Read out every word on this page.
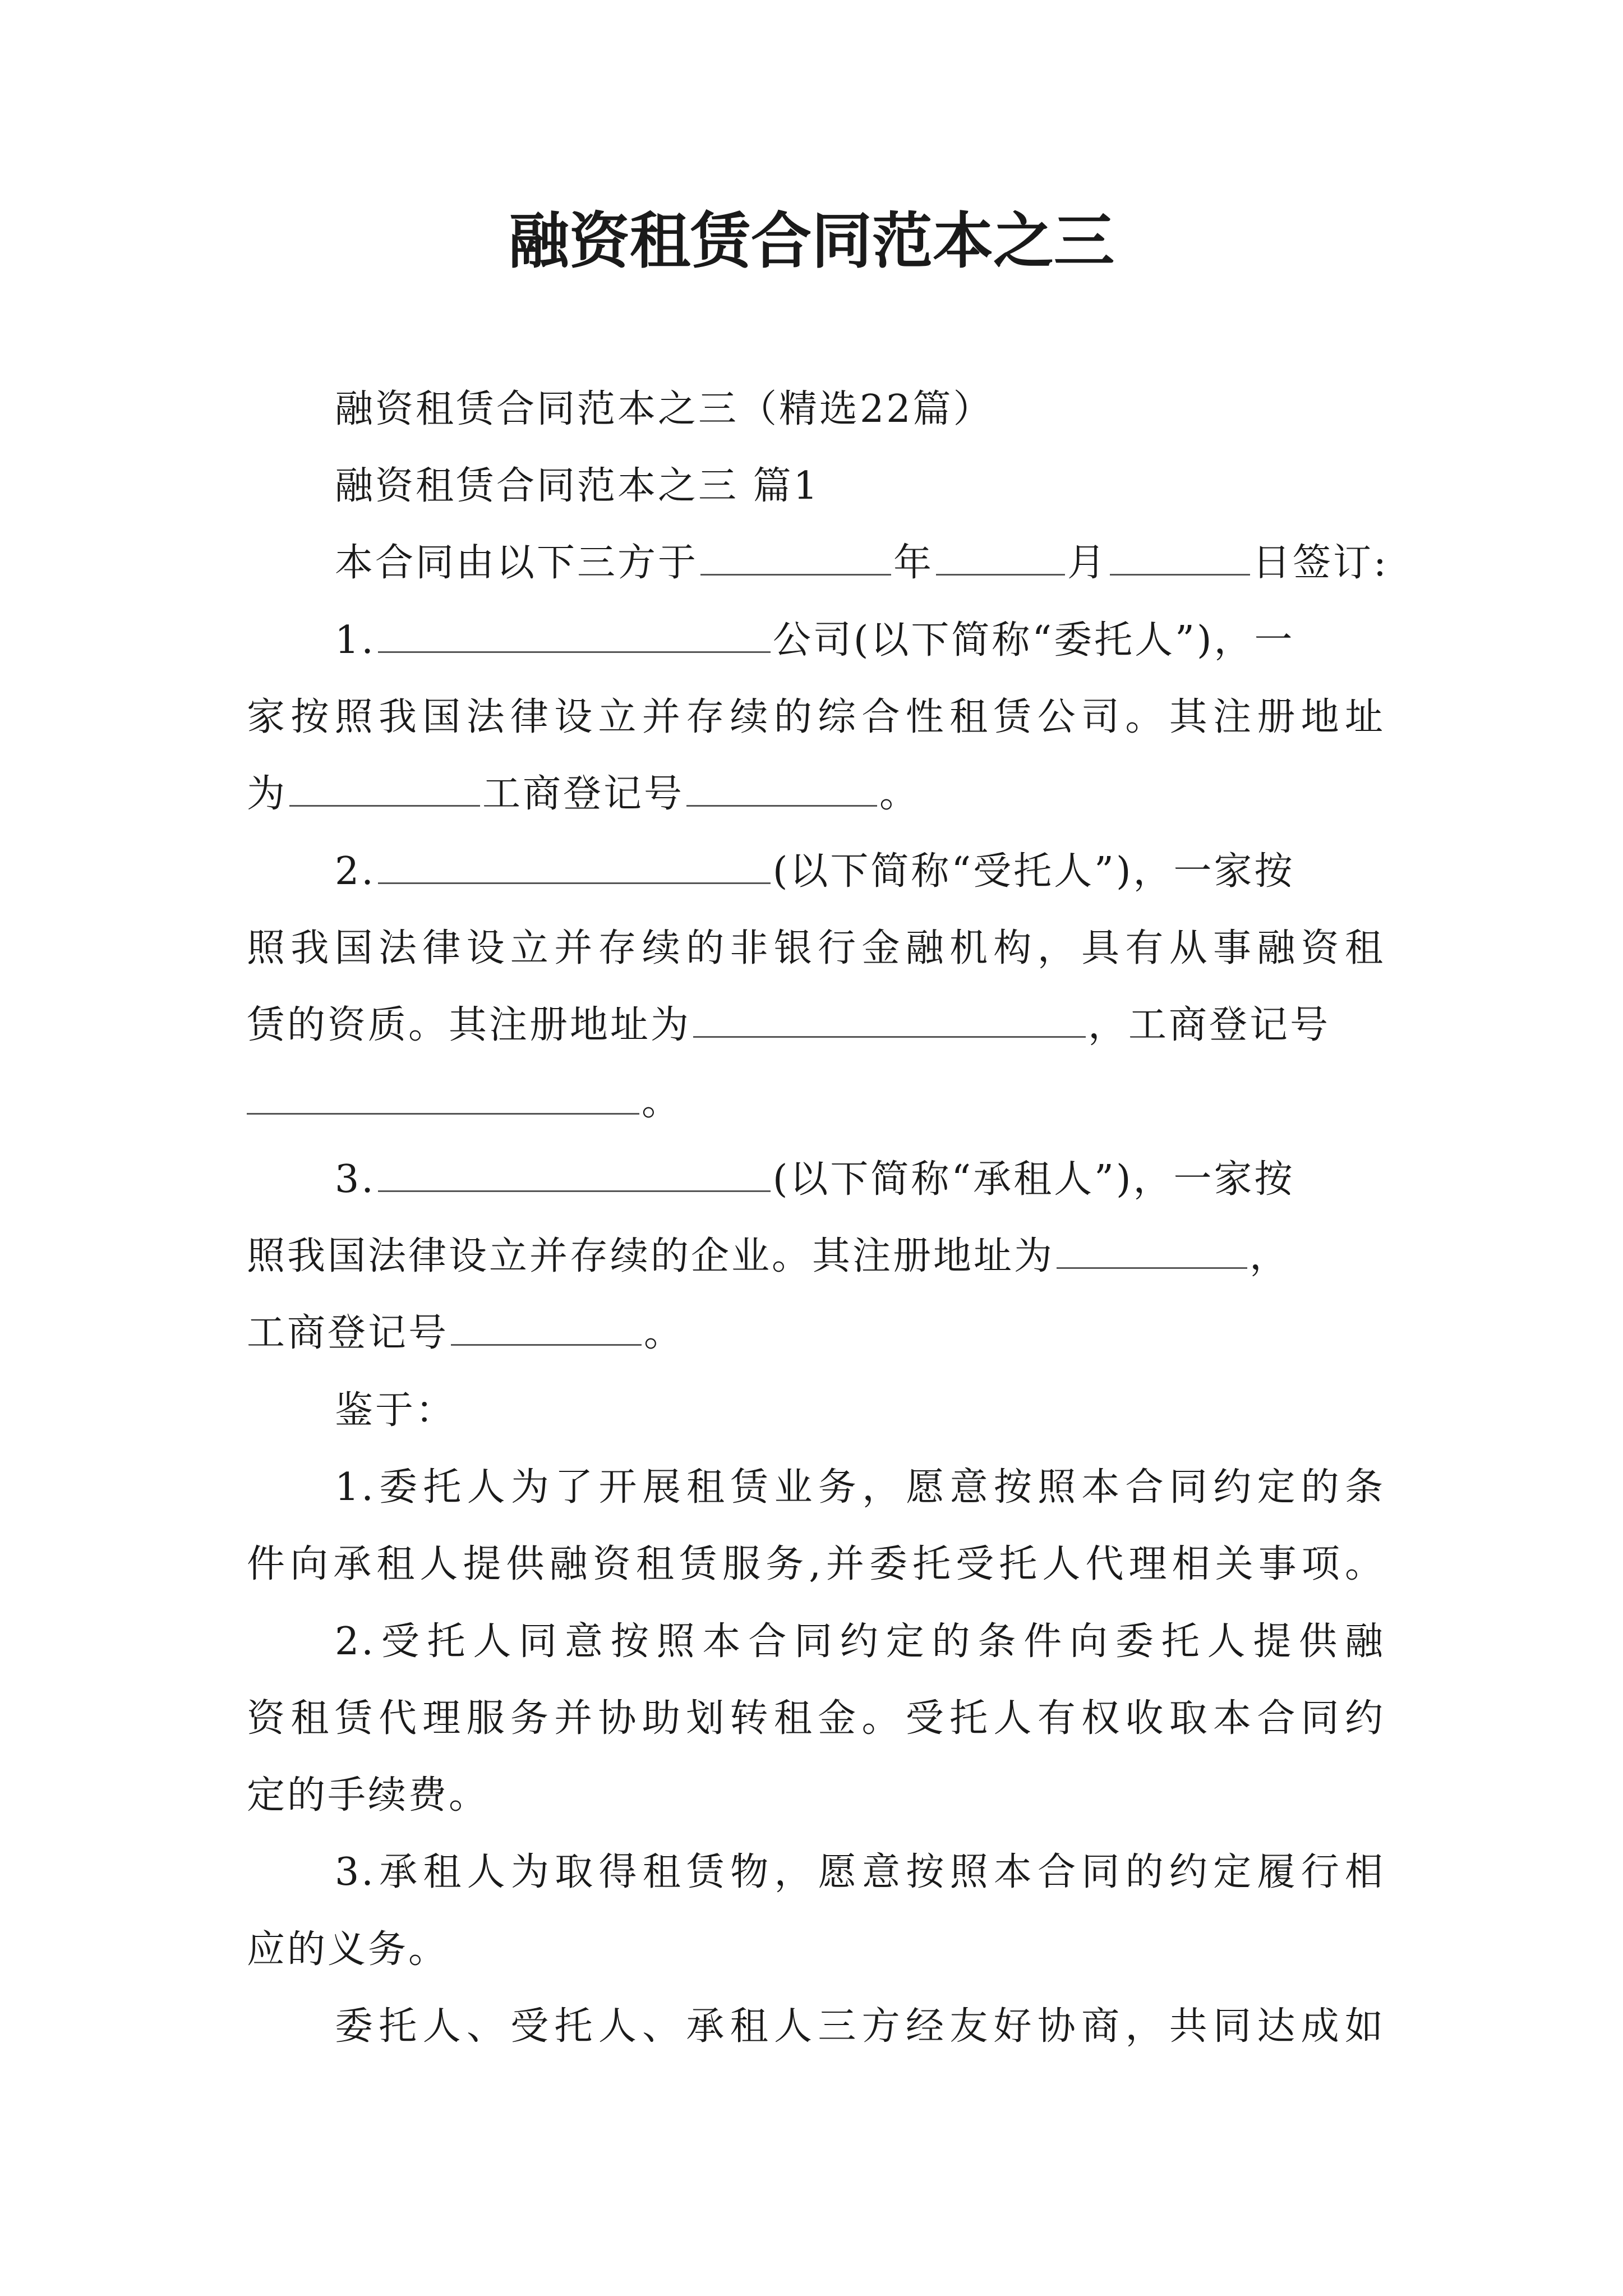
融资租赁合同范本之三
融资租赁合同范本之三（精选22篇）
融资租赁合同范本之三 篇1
本合同由以下三方于	年	月	日签订:
1.	公司(以下简称“委托人”)，一
家按照我国法律设立并存续的综合性租赁公司。其注册地址
为	工商登记号	。
2.	(以下简称“受托人”)，一家按
照我国法律设立并存续的非银行金融机构，具有从事融资租
赁的资质。其注册地址为	，工商登记号
。
3.	(以下简称“承租人”)，一家按
照我国法律设立并存续的企业。其注册地址为	，
工商登记号	。
鉴于：
1.委托人为了开展租赁业务，愿意按照本合同约定的条
件向承租人提供融资租赁服务,并委托受托人代理相关事项。
2.受托人同意按照本合同约定的条件向委托人提供融
资租赁代理服务并协助划转租金。受托人有权收取本合同约
定的手续费。
3.承租人为取得租赁物，愿意按照本合同的约定履行相
应的义务。
委托人、受托人、承租人三方经友好协商，共同达成如
